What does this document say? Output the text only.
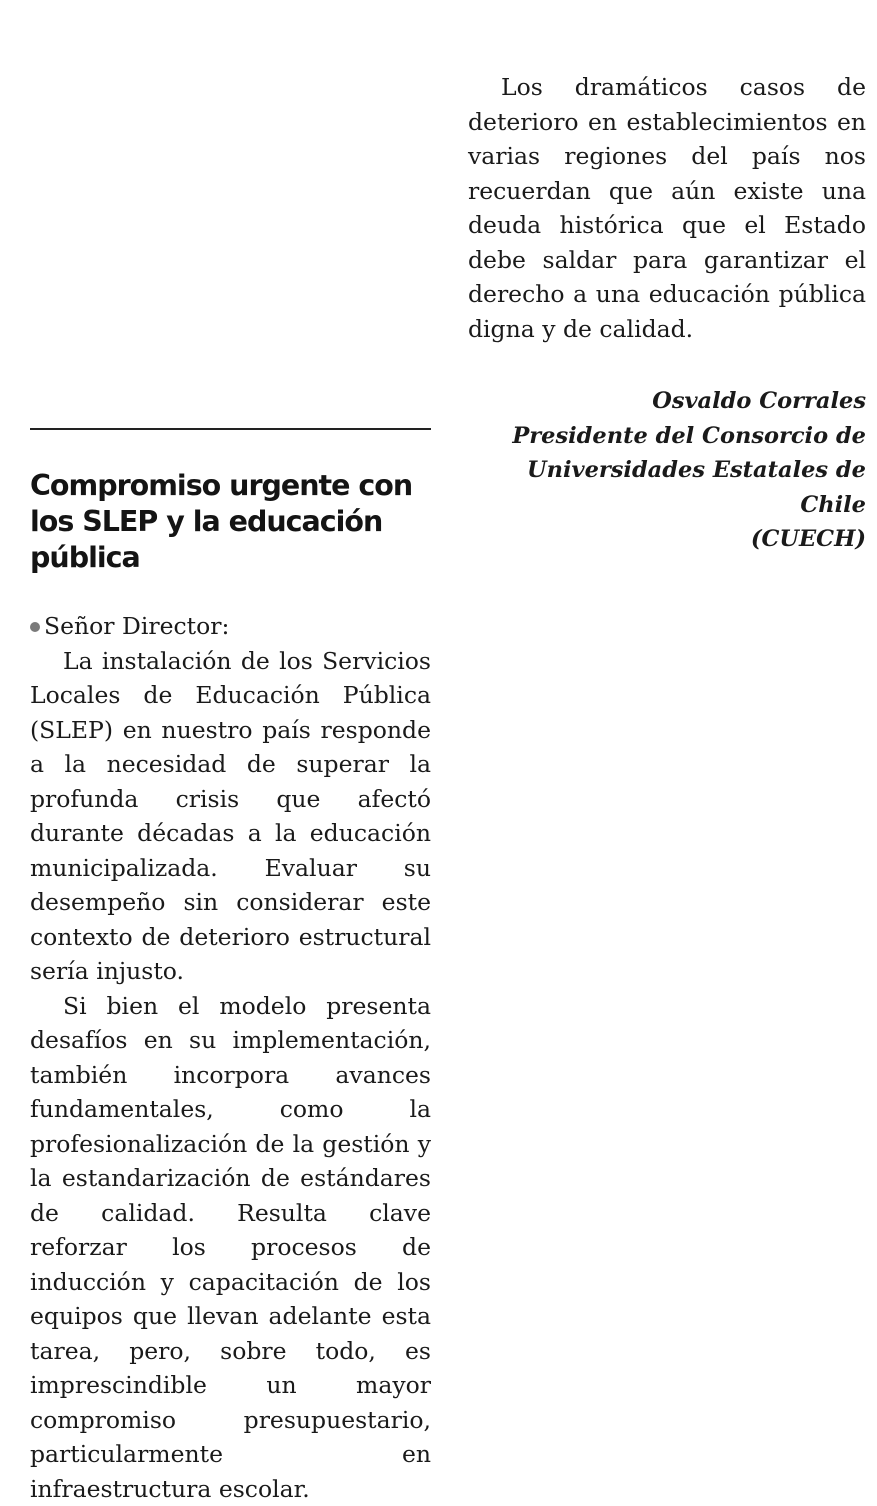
Los dramáticos casos de deterioro en establecimientos en varias regiones del país nos recuerdan que aún existe una deuda histórica que el Estado debe saldar para garantizar el derecho a una educación pública digna y de calidad.

Osvaldo Corrales
Presidente del Consorcio de
Universidades Estatales de Chile
(CUECH)
Compromiso urgente con los SLEP y la educación pública
Señor Director:

La instalación de los Servicios Locales de Educación Pública (SLEP) en nuestro país responde a la necesidad de superar la profunda crisis que afectó durante décadas a la educación municipalizada. Evaluar su desempeño sin considerar este contexto de deterioro estructural sería injusto.

Si bien el modelo presenta desafíos en su implementación, también incorpora avances fundamentales, como la profesionalización de la gestión y la estandarización de estándares de calidad. Resulta clave reforzar los procesos de inducción y capacitación de los equipos que llevan adelante esta tarea, pero, sobre todo, es imprescindible un mayor compromiso presupuestario, particularmente en infraestructura escolar.
